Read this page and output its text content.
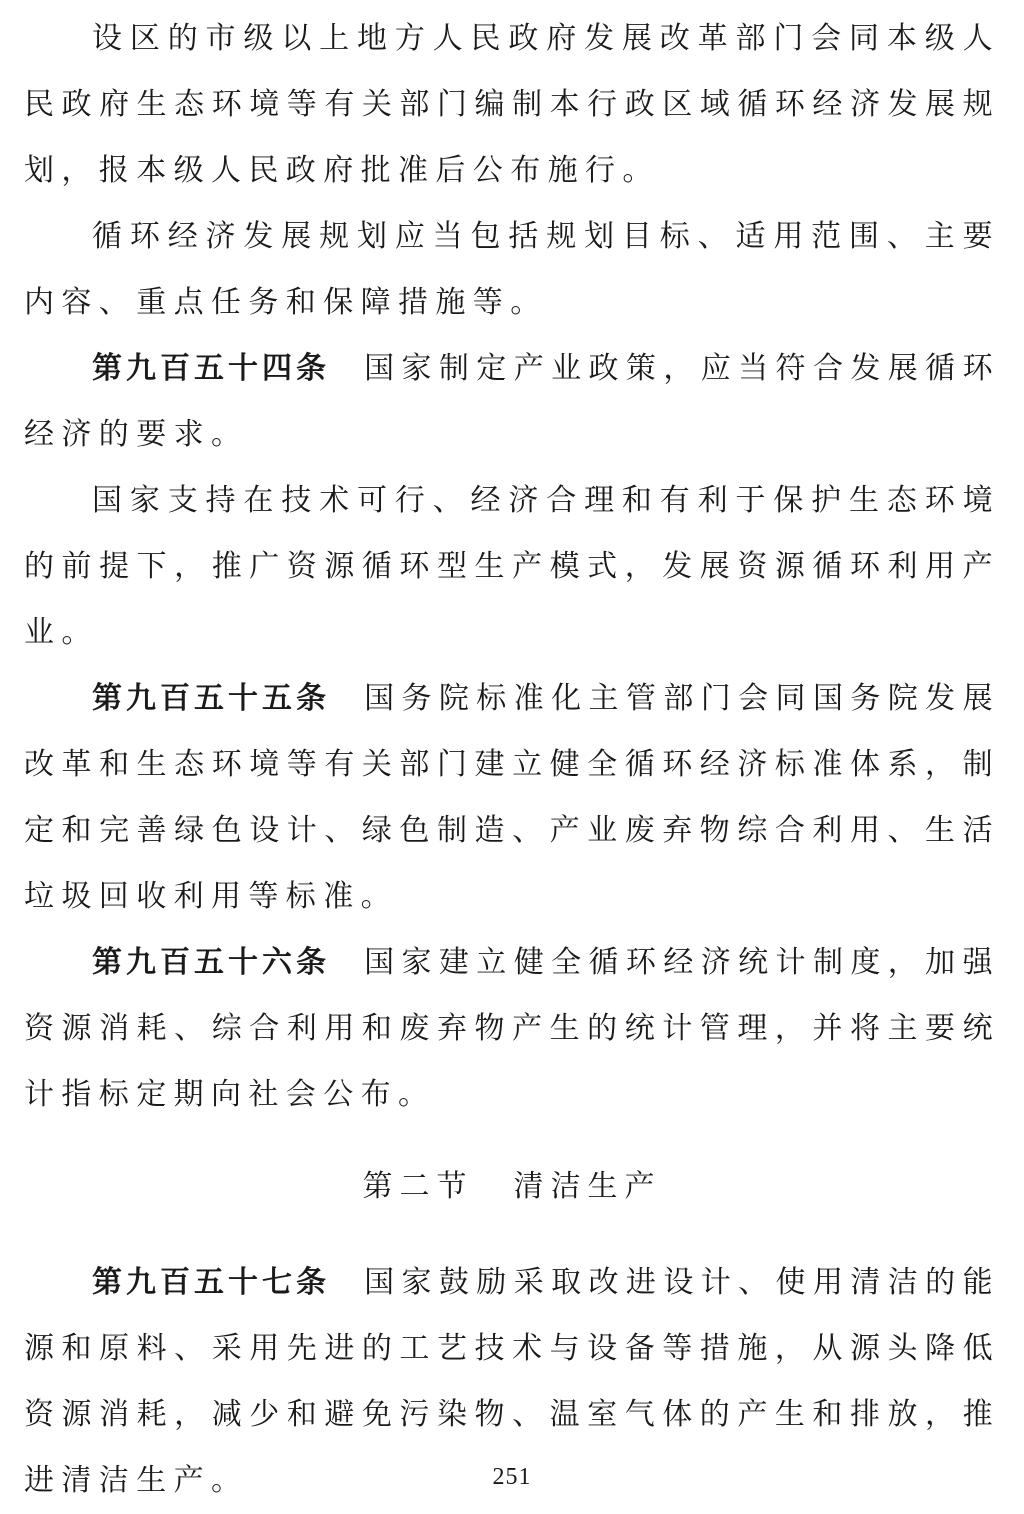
设区的市级以上地方人民政府发展改革部门会同本级人民政府生态环境等有关部门编制本行政区域循环经济发展规划，报本级人民政府批准后公布施行。

循环经济发展规划应当包括规划目标、适用范围、主要内容、重点任务和保障措施等。

第九百五十四条 国家制定产业政策，应当符合发展循环经济的要求。

国家支持在技术可行、经济合理和有利于保护生态环境的前提下，推广资源循环型生产模式，发展资源循环利用产业。

第九百五十五条 国务院标准化主管部门会同国务院发展改革和生态环境等有关部门建立健全循环经济标准体系，制定和完善绿色设计、绿色制造、产业废弃物综合利用、生活垃圾回收利用等标准。

第九百五十六条 国家建立健全循环经济统计制度，加强资源消耗、综合利用和废弃物产生的统计管理，并将主要统计指标定期向社会公布。

第二节 清洁生产

第九百五十七条 国家鼓励采取改进设计、使用清洁的能源和原料、采用先进的工艺技术与设备等措施，从源头降低资源消耗，减少和避免污染物、温室气体的产生和排放，推进清洁生产。	251
